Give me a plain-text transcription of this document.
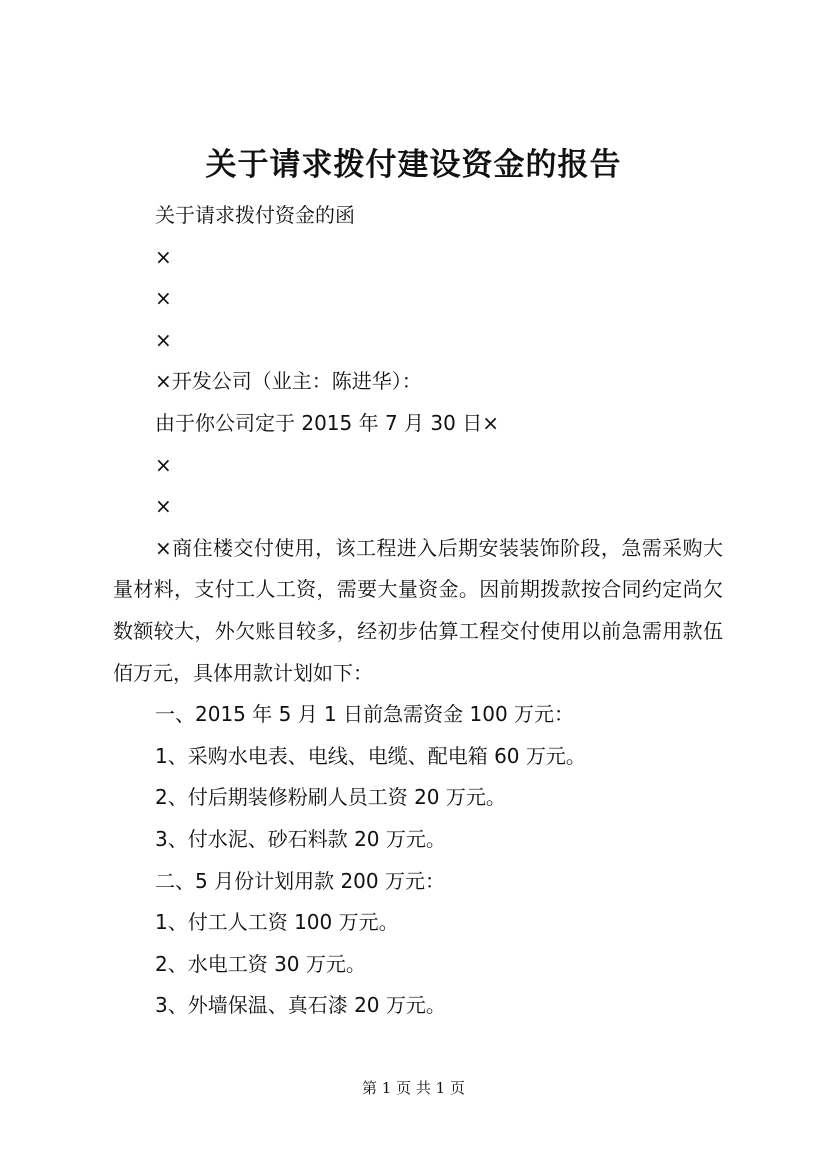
关于请求拨付建设资金的报告

关于请求拨付资金的函

×

×

×

×开发公司（业主：陈进华）：

由于你公司定于 2015 年 7 月 30 日×

×

×

×商住楼交付使用，该工程进入后期安装装饰阶段，急需采购大量材料，支付工人工资，需要大量资金。因前期拨款按合同约定尚欠数额较大，外欠账目较多，经初步估算工程交付使用以前急需用款伍佰万元，具体用款计划如下：

一、2015 年 5 月 1 日前急需资金 100 万元：

1、采购水电表、电线、电缆、配电箱 60 万元。

2、付后期装修粉刷人员工资 20 万元。

3、付水泥、砂石料款 20 万元。

二、5 月份计划用款 200 万元：

1、付工人工资 100 万元。

2、水电工资 30 万元。

3、外墙保温、真石漆 20 万元。

第 1 页 共 1 页
